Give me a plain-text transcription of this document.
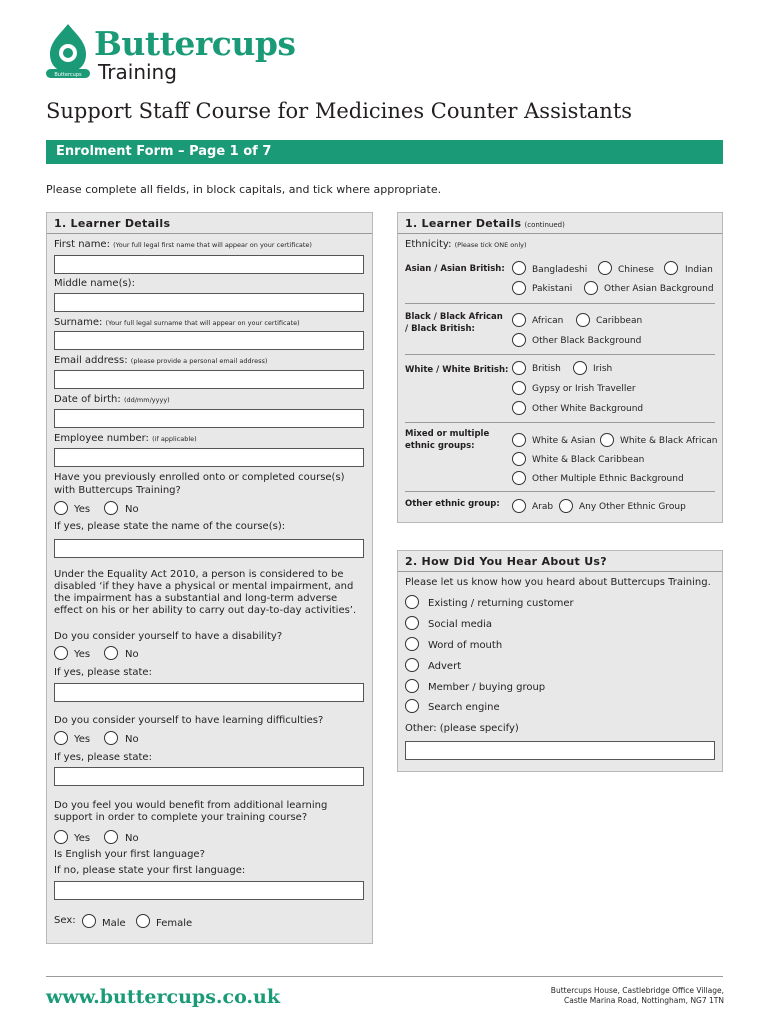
Buttercups
Buttercups
Training
Support Staff Course for Medicines Counter Assistants
Enrolment Form – Page 1 of 7
Please complete all fields, in block capitals, and tick where appropriate.
1. Learner Details
First name: (Your full legal first name that will appear on your certificate)
Middle name(s):
Surname: (Your full legal surname that will appear on your certificate)
Email address: (please provide a personal email address)
Date of birth: (dd/mm/yyyy)
Employee number: (if applicable)
Have you previously enrolled onto or completed course(s)
with Buttercups Training?
Yes	No
If yes, please state the name of the course(s):
Under the Equality Act 2010, a person is considered to be
disabled ‘if they have a physical or mental impairment, and
the impairment has a substantial and long-term adverse
effect on his or her ability to carry out day-to-day activities’.
Do you consider yourself to have a disability?
Yes	No
If yes, please state:
Do you consider yourself to have learning difficulties?
Yes	No
If yes, please state:
Do you feel you would benefit from additional learning
support in order to complete your training course?
Yes	No
Is English your first language?
If no, please state your first language:
Sex:	Male	Female
1. Learner Details (continued)
Ethnicity: (Please tick ONE only)
Asian / Asian British:	Bangladeshi	Chinese	Indian
Pakistani	Other Asian Background
Black / Black African
/ Black British:
African	Caribbean
Other Black Background
White / White British:	British	Irish
Gypsy or Irish Traveller
Other White Background
Mixed or multiple
ethnic groups:	White & Asian	White & Black African
White & Black Caribbean
Other Multiple Ethnic Background
Other ethnic group:	Arab	Any Other Ethnic Group
2. How Did You Hear About Us?
Please let us know how you heard about Buttercups Training.
Existing / returning customer
Social media
Word of mouth
Advert
Member / buying group
Search engine
Other: (please specify)
www.buttercups.co.uk	Buttercups House, Castlebridge Office Village,
Castle Marina Road, Nottingham, NG7 1TN
